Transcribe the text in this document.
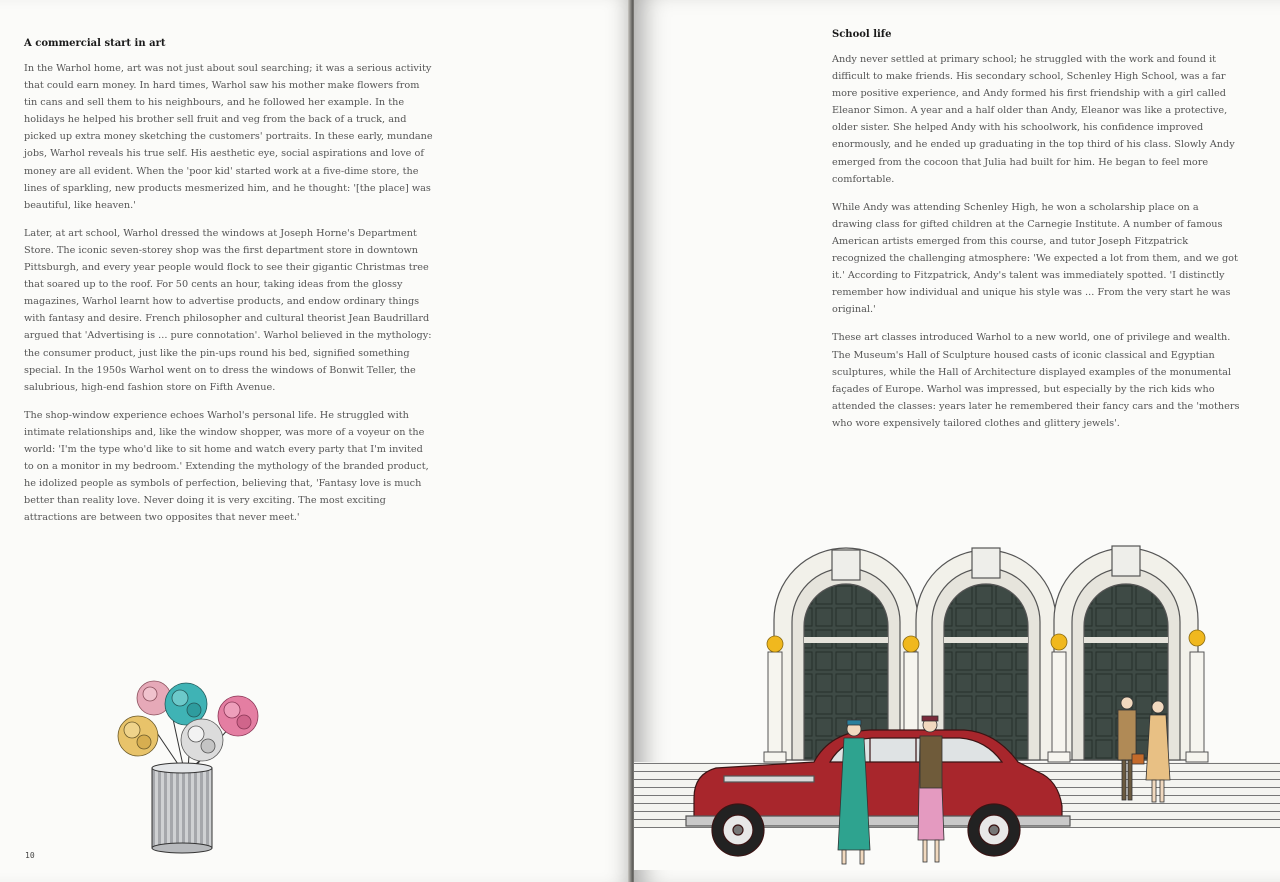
A commercial start in art

In the Warhol home, art was not just about soul searching; it was a serious activity that could earn money. In hard times, Warhol saw his mother make flowers from tin cans and sell them to his neighbours, and he followed her example. In the holidays he helped his brother sell fruit and veg from the back of a truck, and picked up extra money sketching the customers' portraits. In these early, mundane jobs, Warhol reveals his true self. His aesthetic eye, social aspirations and love of money are all evident. When the 'poor kid' started work at a five-dime store, the lines of sparkling, new products mesmerized him, and he thought: '[the place] was beautiful, like heaven.'

Later, at art school, Warhol dressed the windows at Joseph Horne's Department Store. The iconic seven-storey shop was the first department store in downtown Pittsburgh, and every year people would flock to see their gigantic Christmas tree that soared up to the roof. For 50 cents an hour, taking ideas from the glossy magazines, Warhol learnt how to advertise products, and endow ordinary things with fantasy and desire. French philosopher and cultural theorist Jean Baudrillard argued that 'Advertising is ... pure connotation'. Warhol believed in the mythology: the consumer product, just like the pin-ups round his bed, signified something special. In the 1950s Warhol went on to dress the windows of Bonwit Teller, the salubrious, high-end fashion store on Fifth Avenue.

The shop-window experience echoes Warhol's personal life. He struggled with intimate relationships and, like the window shopper, was more of a voyeur on the world: 'I'm the type who'd like to sit home and watch every party that I'm invited to on a monitor in my bedroom.' Extending the mythology of the branded product, he idolized people as symbols of perfection, believing that, 'Fantasy love is much better than reality love. Never doing it is very exciting. The most exciting attractions are between two opposites that never meet.'

10
School life

Andy never settled at primary school; he struggled with the work and found it difficult to make friends. His secondary school, Schenley High School, was a far more positive experience, and Andy formed his first friendship with a girl called Eleanor Simon. A year and a half older than Andy, Eleanor was like a protective, older sister. She helped Andy with his schoolwork, his confidence improved enormously, and he ended up graduating in the top third of his class. Slowly Andy emerged from the cocoon that Julia had built for him. He began to feel more comfortable.

While Andy was attending Schenley High, he won a scholarship place on a drawing class for gifted children at the Carnegie Institute. A number of famous American artists emerged from this course, and tutor Joseph Fitzpatrick recognized the challenging atmosphere: 'We expected a lot from them, and we got it.' According to Fitzpatrick, Andy's talent was immediately spotted. 'I distinctly remember how individual and unique his style was ... From the very start he was original.'

These art classes introduced Warhol to a new world, one of privilege and wealth. The Museum's Hall of Sculpture housed casts of iconic classical and Egyptian sculptures, while the Hall of Architecture displayed examples of the monumental façades of Europe. Warhol was impressed, but especially by the rich kids who attended the classes: years later he remembered their fancy cars and the 'mothers who wore expensively tailored clothes and glittery jewels'.
